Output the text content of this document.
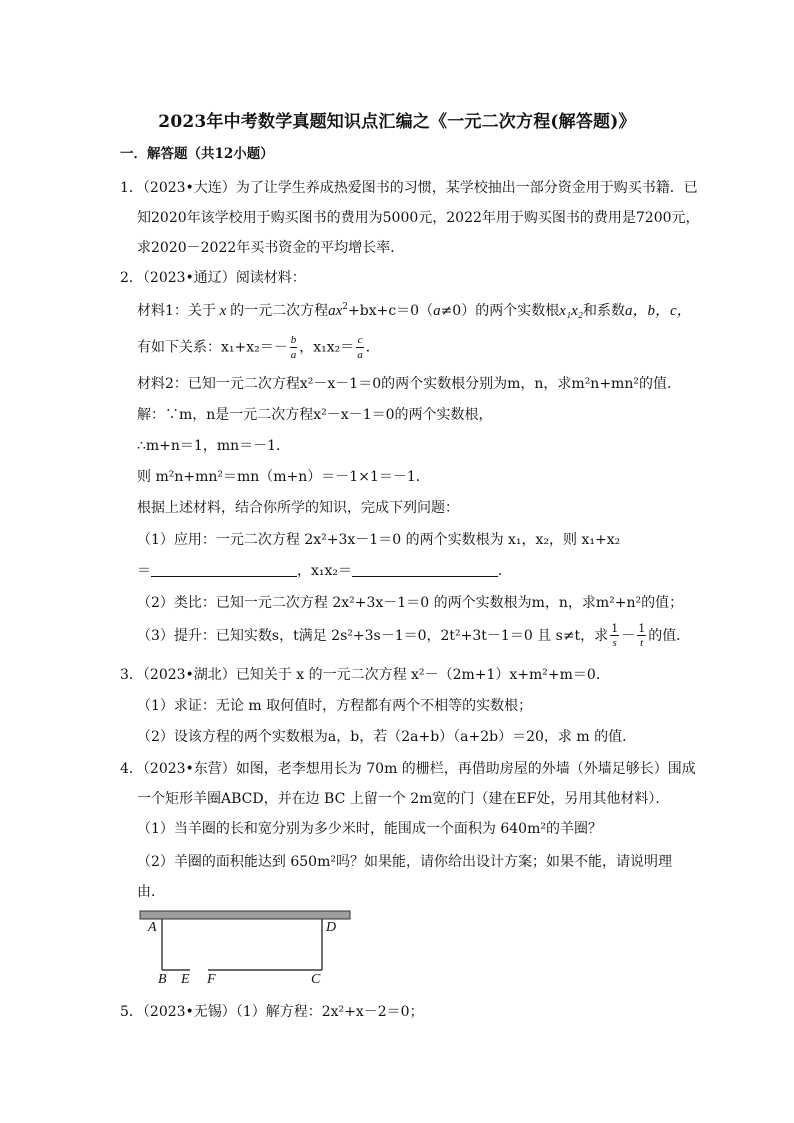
2023年中考数学真题知识点汇编之《一元二次方程(解答题)》
一．解答题（共12小题）
1．（2023•大连）为了让学生养成热爱图书的习惯，某学校抽出一部分资金用于购买书籍．已
知2020年该学校用于购买图书的费用为5000元，2022年用于购买图书的费用是7200元，
求2020－2022年买书资金的平均增长率．
2．（2023•通辽）阅读材料：
材料1：关于 x 的一元二次方程$ax^2+bx+c=0(a\ne 0)$的两个实数根x₁x₂和系数a，b，c，
有如下关系：$x_1+x_2=- \frac{b}{a}$ ，$x_1x_2= \frac{c}{a}$ ．
材料2：已知一元二次方程x²－x－1＝0的两个实数根分别为m，n，求m²n+mn²的值．
解：∵m，n是一元二次方程x²－x－1＝0的两个实数根，
∴m+n＝1，mn＝－1．
则 m²n+mn²＝mn（m+n）＝－1×1＝－1．
根据上述材料，结合你所学的知识，完成下列问题：
（1）应用：一元二次方程 2x²+3x－1＝0 的两个实数根为 x₁，x₂，则 x₁+x₂
＝	，x₁x₂＝	．
（2）类比：已知一元二次方程 2x²+3x－1＝0 的两个实数根为m，n，求m²+n²的值；
（3）提升：已知实数s，t满足 2s²+3s－1＝0，2t²+3t－1＝0 且 s≠t，求 $\frac{1}{s} - \frac{1}{t}$ 的值．
3．（2023•湖北）已知关于 x 的一元二次方程 x²－（2m+1）x+m²+m＝0．
（1）求证：无论 m 取何值时，方程都有两个不相等的实数根；
（2）设该方程的两个实数根为a，b，若（2a+b）（a+2b）＝20，求 m 的值．
4．（2023•东营）如图，老李想用长为 70m 的栅栏，再借助房屋的外墙（外墙足够长）围成
一个矩形羊圈ABCD，并在边 BC 上留一个 2m宽的门（建在EF处，另用其他材料）．
（1）当羊圈的长和宽分别为多少米时，能围成一个面积为 640m²的羊圈？
（2）羊圈的面积能达到 650m²吗？如果能，请你给出设计方案；如果不能，请说明理
由．
A	D
B E F	C
5．（2023•无锡）（1）解方程：2x²+x－2＝0；
